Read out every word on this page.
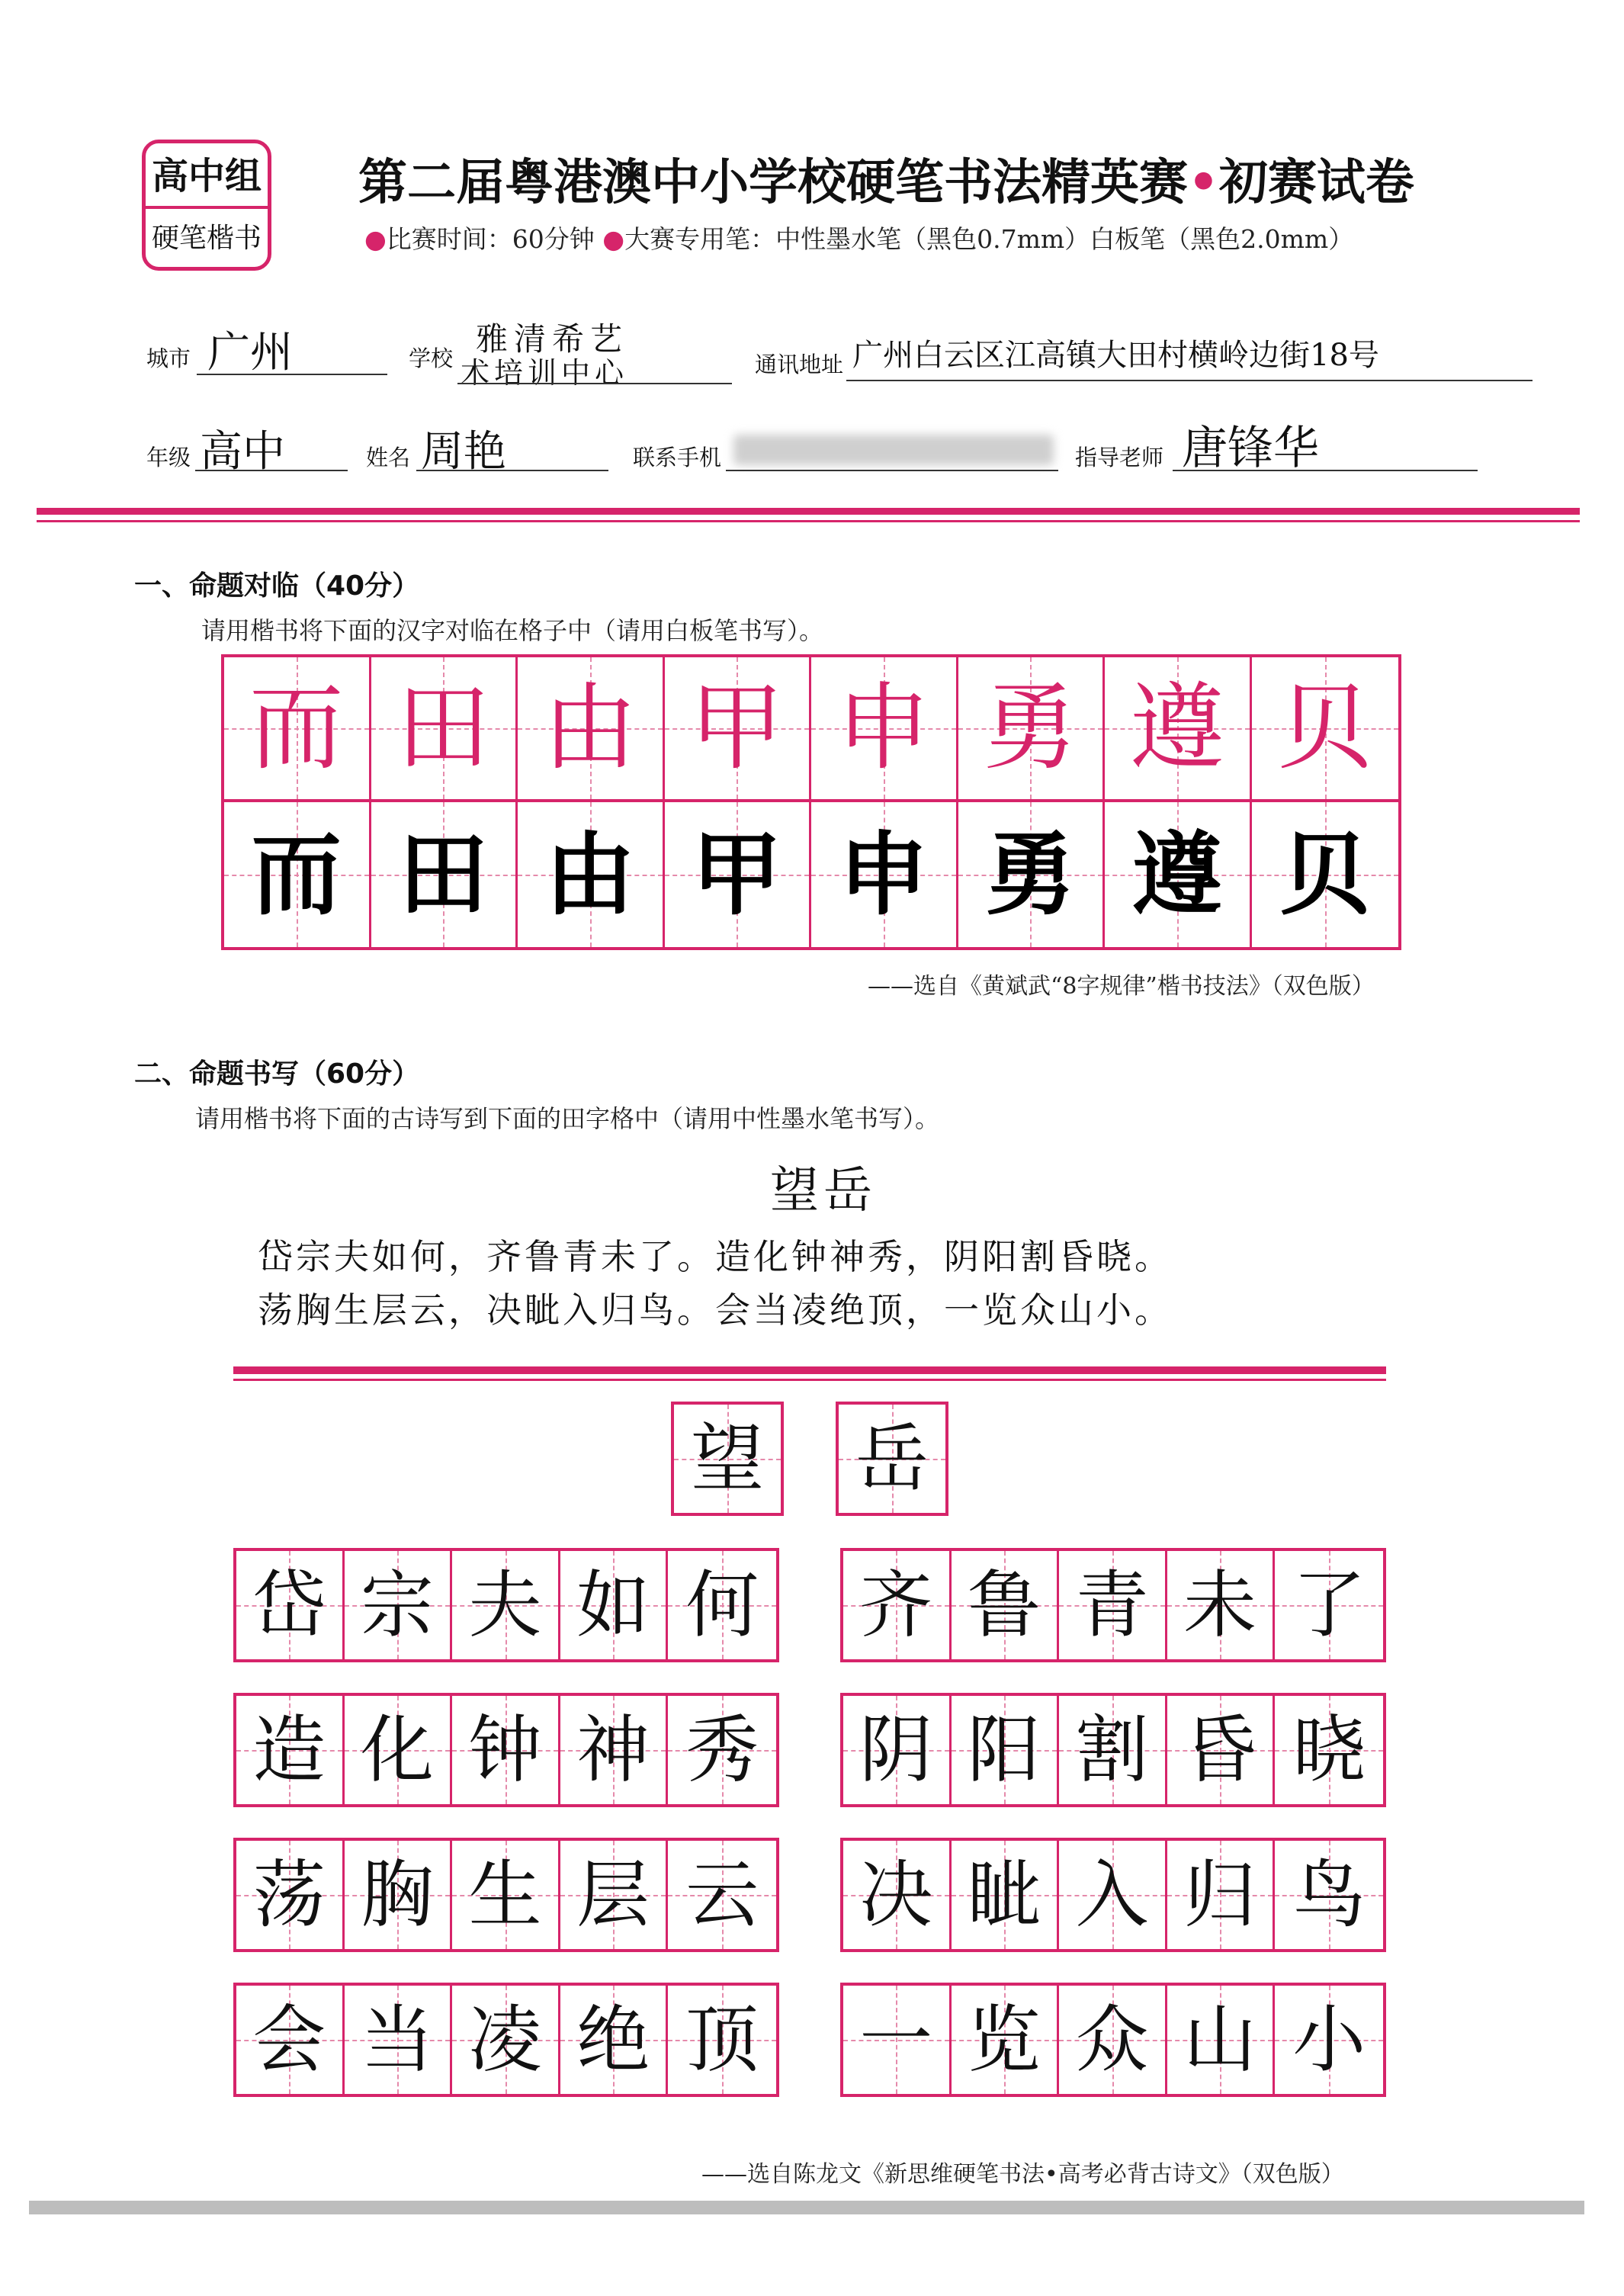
高中组
硬笔楷书
第二届粤港澳中小学校硬笔书法精英赛•初赛试卷
●比赛时间：60分钟 ●大赛专用笔：中性墨水笔（黑色0.7mm）白板笔（黑色2.0mm）
城市 广州	学校
雅清希艺
术培训中心	通讯地址 广州白云区江高镇大田村横岭边街18号
年级 高中	姓名 周艳	联系手机	指导老师 唐锋华
一、命题对临（40分）
请用楷书将下面的汉字对临在格子中（请用白板笔书写）。
而 田 由 甲 申 勇 遵 贝
而 田 由 甲 申 勇 遵 贝
——选自《黄斌武“8字规律”楷书技法》（双色版）
二、命题书写（60分）
请用楷书将下面的古诗写到下面的田字格中（请用中性墨水笔书写）。
望岳
岱宗夫如何，齐鲁青未了。造化钟神秀，阴阳割昏晓。
荡胸生层云，决眦入归鸟。会当凌绝顶，一览众山小。
望 岳
岱 宗 夫 如 何 齐 鲁 青 未 了
造 化 钟 神 秀 阴 阳 割 昏 晓
荡 胸 生 层 云 决 眦 入 归 鸟
会 当 凌 绝 顶 一 览 众 山 小
——选自陈龙文《新思维硬笔书法•高考必背古诗文》（双色版）
